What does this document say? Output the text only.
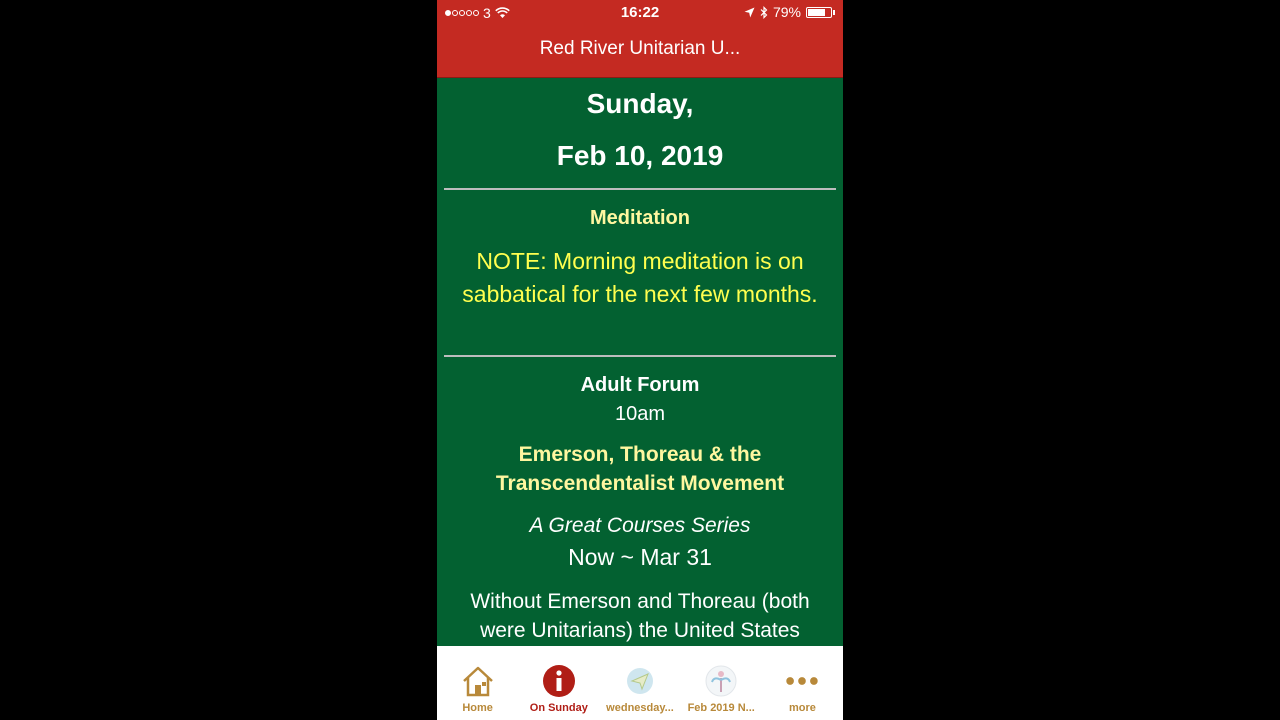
3	16:22	79%
Red River Unitarian U...
Sunday,
Feb 10, 2019
Meditation
NOTE: Morning meditation is on sabbatical for the next few months.
Adult Forum
10am
Emerson, Thoreau & the
Transcendentalist Movement
A Great Courses Series
Now ~ Mar 31
Without Emerson and Thoreau (both were Unitarians) the United States
Home	On Sunday wednesday... Feb 2019 N...	more
